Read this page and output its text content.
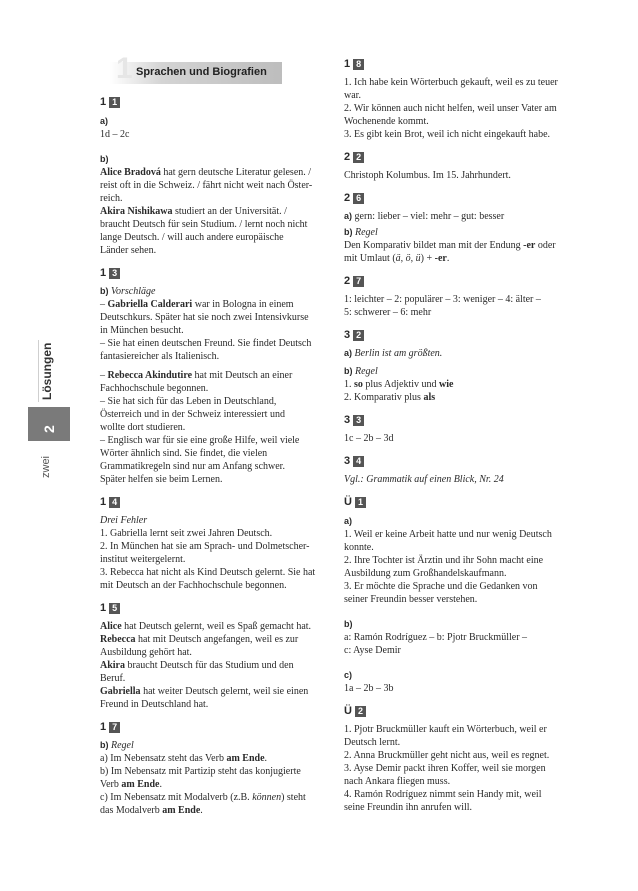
Lösungen
2
zwei
1 Sprachen und Biografien
1 1
a)
1d – 2c
b)
Alice Bradová hat gern deutsche Literatur gelesen. /
reist oft in die Schweiz. / fährt nicht weit nach Öster-
reich.
Akira Nishikawa studiert an der Universität. /
braucht Deutsch für sein Studium. / lernt noch nicht
lange Deutsch. / will auch andere europäische
Länder sehen.
1 3
b) Vorschläge
– Gabriella Calderari war in Bologna in einem
Deutschkurs. Später hat sie noch zwei Intensivkurse
in München besucht.
– Sie hat einen deutschen Freund. Sie findet Deutsch
fantasiereicher als Italienisch.
– Rebecca Akindutire hat mit Deutsch an einer
Fachhochschule begonnen.
– Sie hat sich für das Leben in Deutschland,
Österreich und in der Schweiz interessiert und
wollte dort studieren.
– Englisch war für sie eine große Hilfe, weil viele
Wörter ähnlich sind. Sie findet, die vielen
Grammatikregeln sind nur am Anfang schwer.
Später helfen sie beim Lernen.
1 4
Drei Fehler
1. Gabriella lernt seit zwei Jahren Deutsch.
2. In München hat sie am Sprach- und Dolmetscher-
institut weitergelernt.
3. Rebecca hat nicht als Kind Deutsch gelernt. Sie hat
mit Deutsch an der Fachhochschule begonnen.
1 5
Alice hat Deutsch gelernt, weil es Spaß gemacht hat.
Rebecca hat mit Deutsch angefangen, weil es zur
Ausbildung gehört hat.
Akira braucht Deutsch für das Studium und den
Beruf.
Gabriella hat weiter Deutsch gelernt, weil sie einen
Freund in Deutschland hat.
1 7
b) Regel
a) Im Nebensatz steht das Verb am Ende.
b) Im Nebensatz mit Partizip steht das konjugierte
Verb am Ende.
c) Im Nebensatz mit Modalverb (z.B. können) steht
das Modalverb am Ende.
1 8
1. Ich habe kein Wörterbuch gekauft, weil es zu teuer
war.
2. Wir können auch nicht helfen, weil unser Vater am
Wochenende kommt.
3. Es gibt kein Brot, weil ich nicht eingekauft habe.
2 2
Christoph Kolumbus. Im 15. Jahrhundert.
2 6
a) gern: lieber – viel: mehr – gut: besser
b) Regel
Den Komparativ bildet man mit der Endung -er oder
mit Umlaut (ä, ö, ü) + -er.
2 7
1: leichter – 2: populärer – 3: weniger – 4: älter –
5: schwerer – 6: mehr
3 2
a) Berlin ist am größten.
b) Regel
1. so plus Adjektiv und wie
2. Komparativ plus als
3 3
1c – 2b – 3d
3 4
Vgl.: Grammatik auf einen Blick, Nr. 24
Ü 1
a)
1. Weil er keine Arbeit hatte und nur wenig Deutsch
konnte.
2. Ihre Tochter ist Ärztin und ihr Sohn macht eine
Ausbildung zum Großhandelskaufmann.
3. Er möchte die Sprache und die Gedanken von
seiner Freundin besser verstehen.
b)
a: Ramón Rodríguez – b: Pjotr Bruckmüller –
c: Ayse Demir
c)
1a – 2b – 3b
Ü 2
1. Pjotr Bruckmüller kauft ein Wörterbuch, weil er
Deutsch lernt.
2. Anna Bruckmüller geht nicht aus, weil es regnet.
3. Ayse Demir packt ihren Koffer, weil sie morgen
nach Ankara fliegen muss.
4. Ramón Rodríguez nimmt sein Handy mit, weil
seine Freundin ihn anrufen will.
